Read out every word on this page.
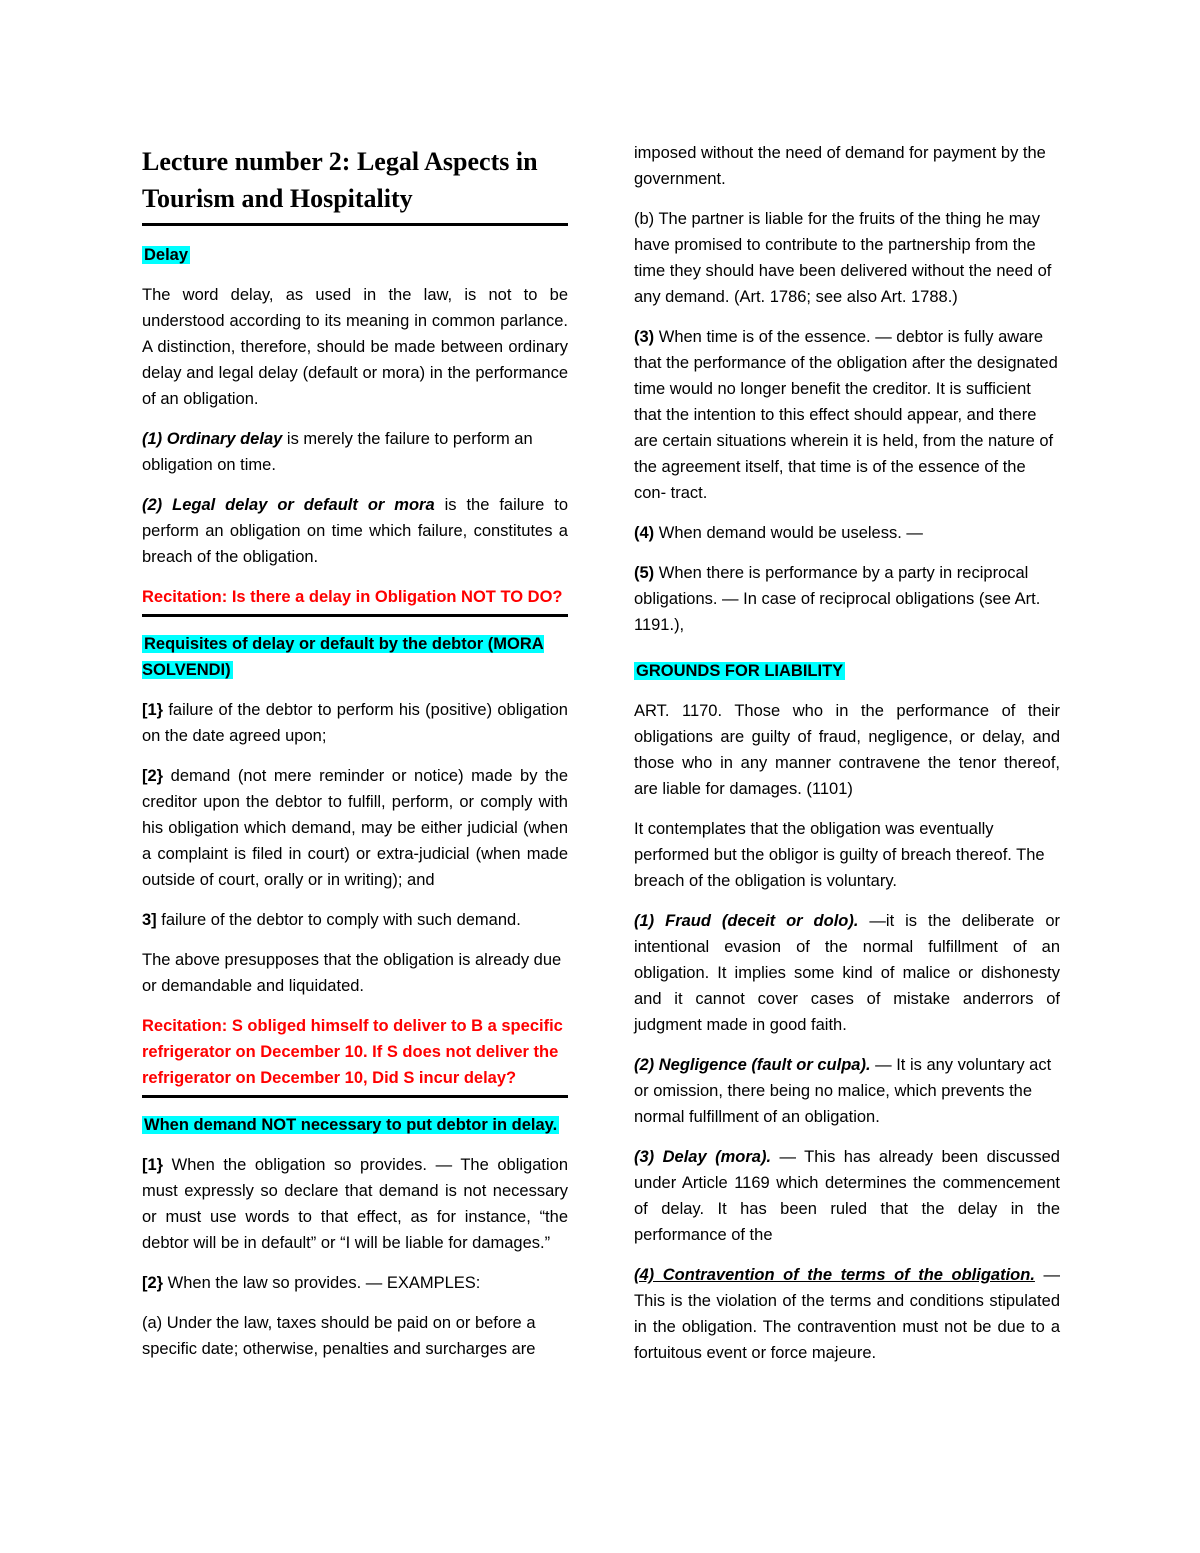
Lecture number 2: Legal Aspects in Tourism and Hospitality
Delay

The word delay, as used in the law, is not to be understood according to its meaning in common parlance. A distinction, therefore, should be made between ordinary delay and legal delay (default or mora) in the performance of an obligation.

(1) Ordinary delay is merely the failure to perform an obligation on time.

(2) Legal delay or default or mora is the failure to perform an obligation on time which failure, constitutes a breach of the obligation.

Recitation: Is there a delay in Obligation NOT TO DO?

Requisites of delay or default by the debtor (MORA SOLVENDI)

[1} failure of the debtor to perform his (positive) obligation on the date agreed upon;

[2} demand (not mere reminder or notice) made by the creditor upon the debtor to fulfill, perform, or comply with his obligation which demand, may be either judicial (when a complaint is filed in court) or extra-judicial (when made outside of court, orally or in writing); and

3] failure of the debtor to comply with such demand.

The above presupposes that the obligation is already due or demandable and liquidated.

Recitation: S obliged himself to deliver to B a specific refrigerator on December 10. If S does not deliver the refrigerator on December 10, Did S incur delay?

When demand NOT necessary to put debtor in delay.

[1} When the obligation so provides. — The obligation must expressly so declare that demand is not necessary or must use words to that effect, as for instance, “the debtor will be in default” or “I will be liable for damages.”

[2} When the law so provides. — EXAMPLES:

(a) Under the law, taxes should be paid on or before a specific date; otherwise, penalties and surcharges are

imposed without the need of demand for payment by the government.

(b) The partner is liable for the fruits of the thing he may have promised to contribute to the partnership from the time they should have been delivered without the need of any demand. (Art. 1786; see also Art. 1788.)

(3) When time is of the essence. — debtor is fully aware that the performance of the obligation after the designated time would no longer benefit the creditor. It is sufficient that the intention to this effect should appear, and there are certain situations wherein it is held, from the nature of the agreement itself, that time is of the essence of the con- tract.

(4) When demand would be useless. —

(5) When there is performance by a party in reciprocal obligations. — In case of reciprocal obligations (see Art. 1191.),

GROUNDS FOR LIABILITY

ART. 1170. Those who in the performance of their obligations are guilty of fraud, negligence, or delay, and those who in any manner contravene the tenor thereof, are liable for damages. (1101)

It contemplates that the obligation was eventually performed but the obligor is guilty of breach thereof. The breach of the obligation is voluntary.

(1) Fraud (deceit or dolo). —it is the deliberate or intentional evasion of the normal fulfillment of an obligation. It implies some kind of malice or dishonesty and it cannot cover cases of mistake anderrors of judgment made in good faith.

(2) Negligence (fault or culpa). — It is any voluntary act or omission, there being no malice, which prevents the normal fulfillment of an obligation.

(3) Delay (mora). — This has already been discussed under Article 1169 which determines the commencement of delay. It has been ruled that the delay in the performance of the

(4) Contravention of the terms of the obligation. — This is the violation of the terms and conditions stipulated in the obligation. The contravention must not be due to a fortuitous event or force majeure.
